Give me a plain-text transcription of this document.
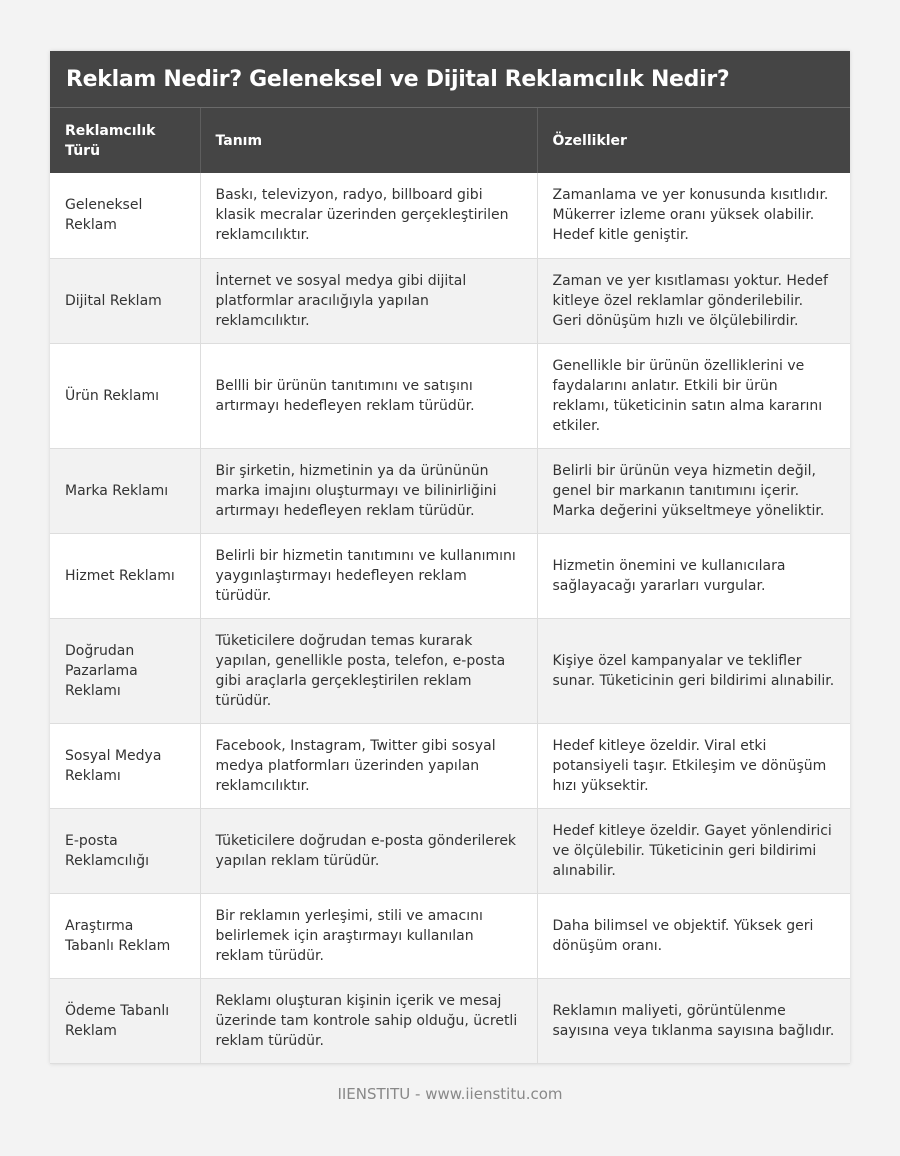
Reklam Nedir? Geleneksel ve Dijital Reklamcılık Nedir?
Reklamcılık Türü	Tanım	Özellikler
Geleneksel Reklam	Baskı, televizyon, radyo, billboard gibi klasik mecralar üzerinden gerçekleştirilen reklamcılıktır.	Zamanlama ve yer konusunda kısıtlıdır. Mükerrer izleme oranı yüksek olabilir. Hedef kitle geniştir.
Dijital Reklam	İnternet ve sosyal medya gibi dijital platformlar aracılığıyla yapılan reklamcılıktır.	Zaman ve yer kısıtlaması yoktur. Hedef kitleye özel reklamlar gönderilebilir. Geri dönüşüm hızlı ve ölçülebilirdir.
Ürün Reklamı	Bellli bir ürünün tanıtımını ve satışını artırmayı hedefleyen reklam türüdür.	Genellikle bir ürünün özelliklerini ve faydalarını anlatır. Etkili bir ürün reklamı, tüketicinin satın alma kararını etkiler.
Marka Reklamı	Bir şirketin, hizmetinin ya da ürününün marka imajını oluşturmayı ve bilinirliğini artırmayı hedefleyen reklam türüdür.	Belirli bir ürünün veya hizmetin değil, genel bir markanın tanıtımını içerir. Marka değerini yükseltmeye yöneliktir.
Hizmet Reklamı	Belirli bir hizmetin tanıtımını ve kullanımını yaygınlaştırmayı hedefleyen reklam türüdür.	Hizmetin önemini ve kullanıcılara sağlayacağı yararları vurgular.
Doğrudan Pazarlama Reklamı	Tüketicilere doğrudan temas kurarak yapılan, genellikle posta, telefon, e-posta gibi araçlarla gerçekleştirilen reklam türüdür.	Kişiye özel kampanyalar ve teklifler sunar. Tüketicinin geri bildirimi alınabilir.
Sosyal Medya Reklamı	Facebook, Instagram, Twitter gibi sosyal medya platformları üzerinden yapılan reklamcılıktır.	Hedef kitleye özeldir. Viral etki potansiyeli taşır. Etkileşim ve dönüşüm hızı yüksektir.
E-posta Reklamcılığı	Tüketicilere doğrudan e-posta gönderilerek yapılan reklam türüdür.	Hedef kitleye özeldir. Gayet yönlendirici ve ölçülebilir. Tüketicinin geri bildirimi alınabilir.
Araştırma Tabanlı Reklam	Bir reklamın yerleşimi, stili ve amacını belirlemek için araştırmayı kullanılan reklam türüdür.	Daha bilimsel ve objektif. Yüksek geri dönüşüm oranı.
Ödeme Tabanlı Reklam	Reklamı oluşturan kişinin içerik ve mesaj üzerinde tam kontrole sahip olduğu, ücretli reklam türüdür.	Reklamın maliyeti, görüntülenme sayısına veya tıklanma sayısına bağlıdır.
IIENSTITU - www.iienstitu.com
